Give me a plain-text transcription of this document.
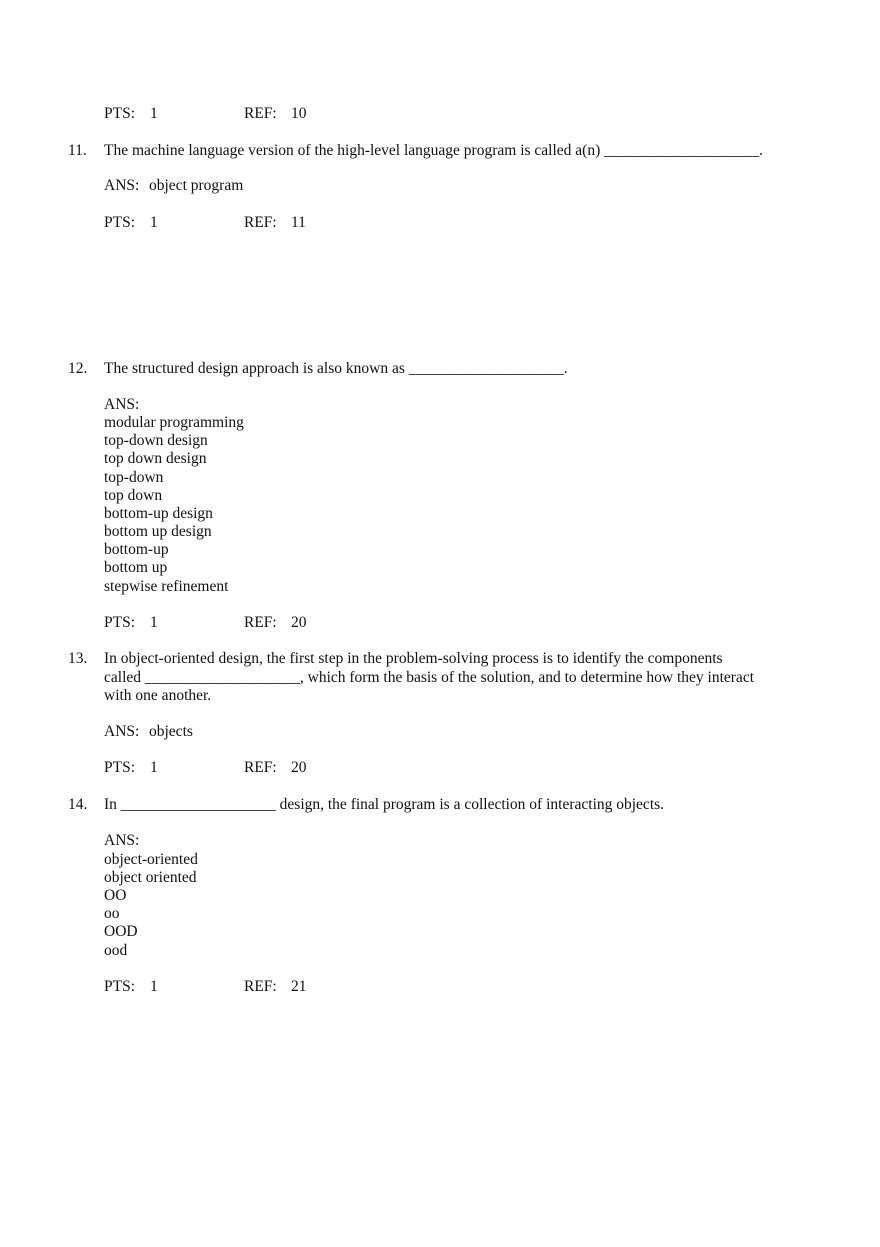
PTS: 1	REF: 10
11. The machine language version of the high-level language program is called a(n) ____________________.
ANS: object program
PTS: 1	REF: 11
12. The structured design approach is also known as ____________________.
ANS:
modular programming
top-down design
top down design
top-down
top down
bottom-up design
bottom up design
bottom-up
bottom up
stepwise refinement
PTS: 1	REF: 20
13. In object-oriented design, the first step in the problem-solving process is to identify the components
called ____________________, which form the basis of the solution, and to determine how they interact
with one another.
ANS: objects
PTS: 1	REF: 20
14. In ____________________ design, the final program is a collection of interacting objects.
ANS:
object-oriented
object oriented
OO
oo
OOD
ood
PTS: 1	REF: 21
